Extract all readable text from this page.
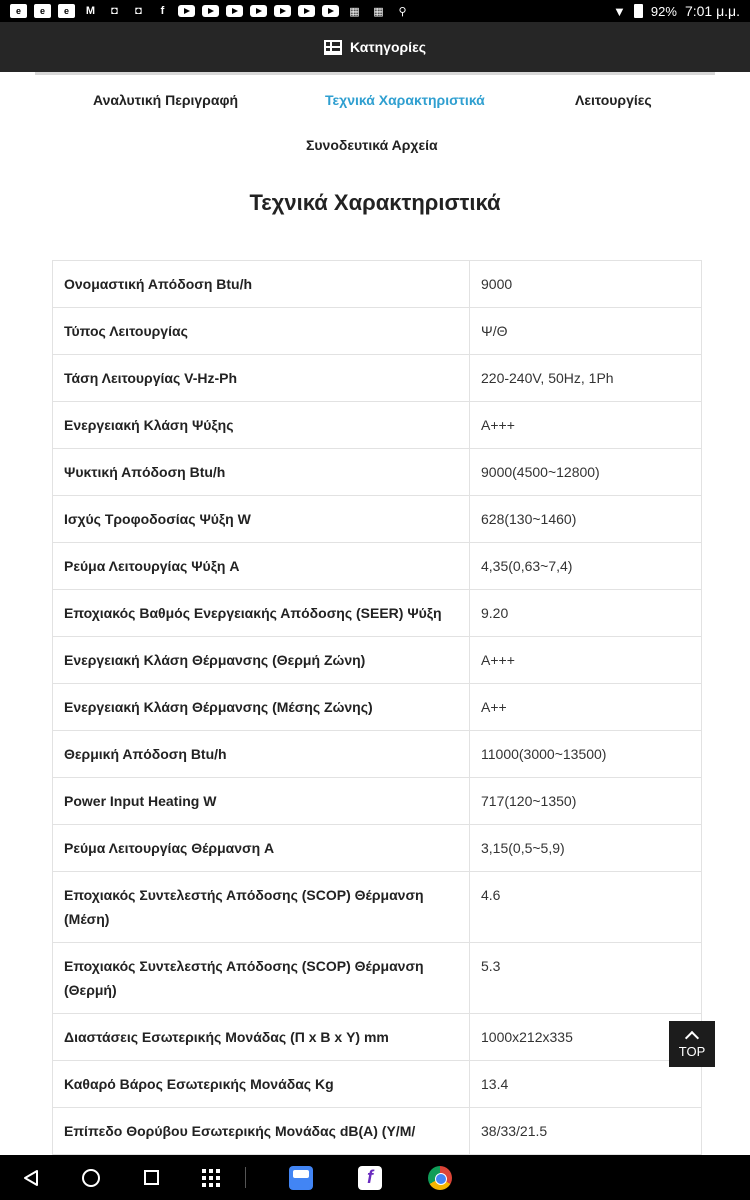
e	e	e	M	◘	◘	f	▦ ▦	⚲	▼ 92% 7:01 μ.μ.
Κατηγορίες
Αναλυτική Περιγραφή	Τεχνικά Χαρακτηριστικά	Λειτουργίες
Συνοδευτικά Αρχεία
Τεχνικά Χαρακτηριστικά
Ονομαστική Απόδοση Btu/h	9000
Τύπος Λειτουργίας	Ψ/Θ
Τάση Λειτουργίας V-Hz-Ph	220-240V, 50Hz, 1Ph
Ενεργειακή Κλάση Ψύξης	A+++
Ψυκτική Απόδοση Btu/h	9000(4500~12800)
Ισχύς Τροφοδοσίας Ψύξη W	628(130~1460)
Ρεύμα Λειτουργίας Ψύξη A	4,35(0,63~7,4)
Εποχιακός Βαθμός Ενεργειακής Απόδοσης (SEER) Ψύξη	9.20
Ενεργειακή Κλάση Θέρμανσης (Θερμή Ζώνη)	A+++
Ενεργειακή Κλάση Θέρμανσης (Μέσης Ζώνης)	A++
Θερμική Απόδοση Btu/h	11000(3000~13500)
Power Input Heating W	717(120~1350)
Ρεύμα Λειτουργίας Θέρμανση A	3,15(0,5~5,9)
Εποχιακός Συντελεστής Απόδοσης (SCOP) Θέρμανση (Μέση)	4.6
Εποχιακός Συντελεστής Απόδοσης (SCOP) Θέρμανση (Θερμή)	5.3
Διαστάσεις Εσωτερικής Μονάδας (Π x Β x Υ) mm	1000x212x335
Καθαρό Βάρος Εσωτερικής Μονάδας Kg	13.4
Επίπεδο Θορύβου Εσωτερικής Μονάδας dB(A) (Υ/Μ/	38/33/21.5
TOP
f
